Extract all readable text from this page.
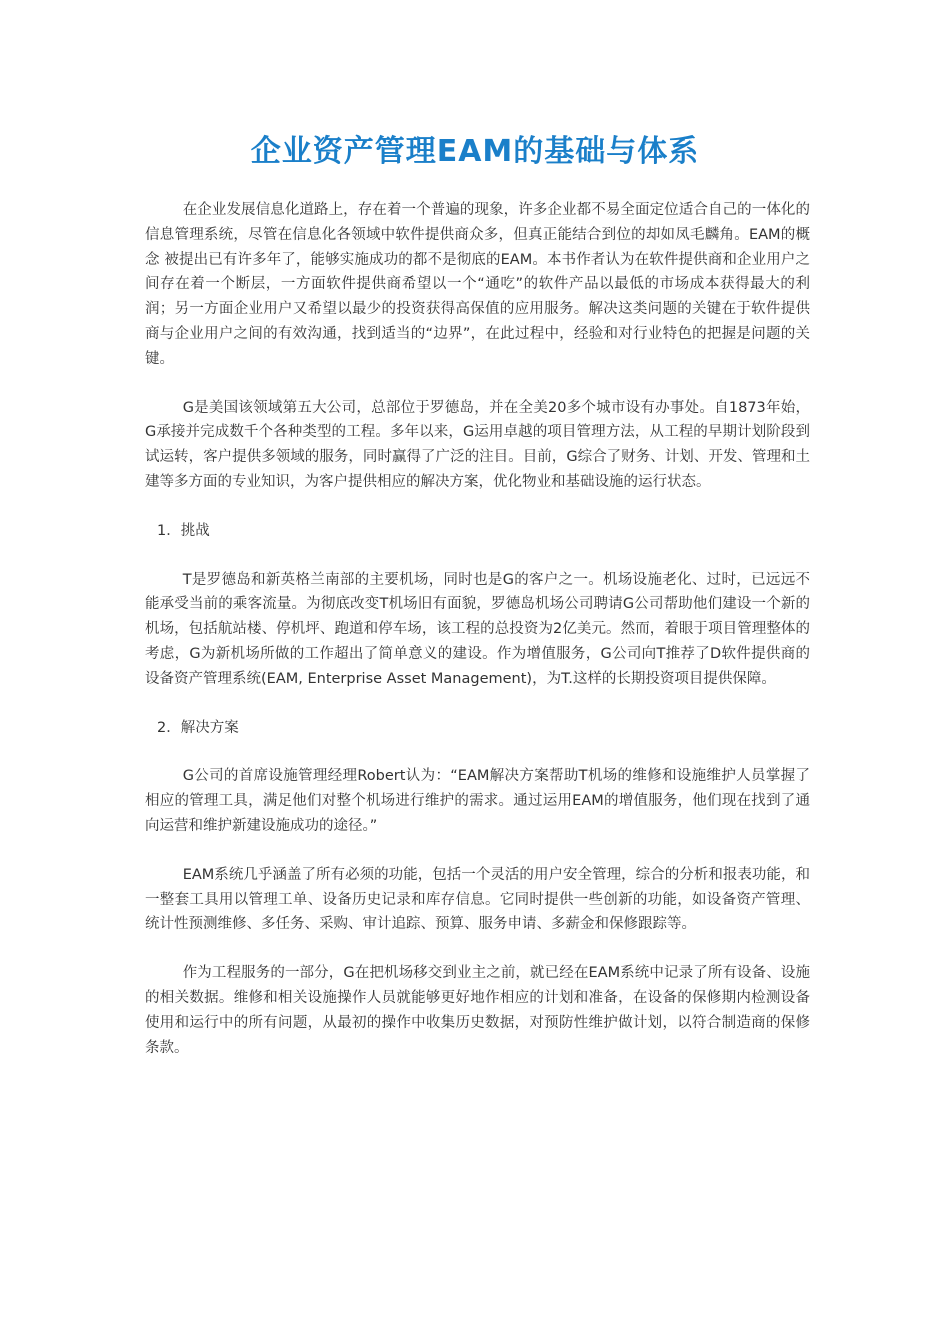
企业资产管理EAM的基础与体系

在企业发展信息化道路上，存在着一个普遍的现象，许多企业都不易全面定位适合自己的一体化的信息管理系统，尽管在信息化各领域中软件提供商众多，但真正能结合到位的却如凤毛麟角。EAM的概念 被提出已有许多年了，能够实施成功的都不是彻底的EAM。本书作者认为在软件提供商和企业用户之间存在着一个断层，一方面软件提供商希望以一个“通吃”的软件产品以最低的市场成本获得最大的利润；另一方面企业用户又希望以最少的投资获得高保值的应用服务。解决这类问题的关键在于软件提供商与企业用户之间的有效沟通，找到适当的“边界”，在此过程中，经验和对行业特色的把握是问题的关键。

G是美国该领域第五大公司，总部位于罗德岛，并在全美20多个城市设有办事处。自1873年始，G承接并完成数千个各种类型的工程。多年以来，G运用卓越的项目管理方法，从工程的早期计划阶段到试运转，客户提供多领域的服务，同时赢得了广泛的注目。目前，G综合了财务、计划、开发、管理和土建等多方面的专业知识，为客户提供相应的解决方案，优化物业和基础设施的运行状态。

1．挑战

T是罗德岛和新英格兰南部的主要机场，同时也是G的客户之一。机场设施老化、过时，已远远不能承受当前的乘客流量。为彻底改变T机场旧有面貌，罗德岛机场公司聘请G公司帮助他们建设一个新的机场，包括航站楼、停机坪、跑道和停车场，该工程的总投资为2亿美元。然而，着眼于项目管理整体的考虑，G为新机场所做的工作超出了简单意义的建设。作为增值服务，G公司向T推荐了D软件提供商的设备资产管理系统(EAM, Enterprise Asset Management)，为T.这样的长期投资项目提供保障。

2．解决方案

G公司的首席设施管理经理Robert认为：“EAM解决方案帮助T机场的维修和设施维护人员掌握了相应的管理工具，满足他们对整个机场进行维护的需求。通过运用EAM的增值服务，他们现在找到了通向运营和维护新建设施成功的途径。”

EAM系统几乎涵盖了所有必须的功能，包括一个灵活的用户安全管理，综合的分析和报表功能，和一整套工具用以管理工单、设备历史记录和库存信息。它同时提供一些创新的功能，如设备资产管理、统计性预测维修、多任务、采购、审计追踪、预算、服务申请、多薪金和保修跟踪等。

作为工程服务的一部分，G在把机场移交到业主之前，就已经在EAM系统中记录了所有设备、设施的相关数据。维修和相关设施操作人员就能够更好地作相应的计划和准备，在设备的保修期内检测设备使用和运行中的所有问题，从最初的操作中收集历史数据，对预防性维护做计划，以符合制造商的保修条款。
